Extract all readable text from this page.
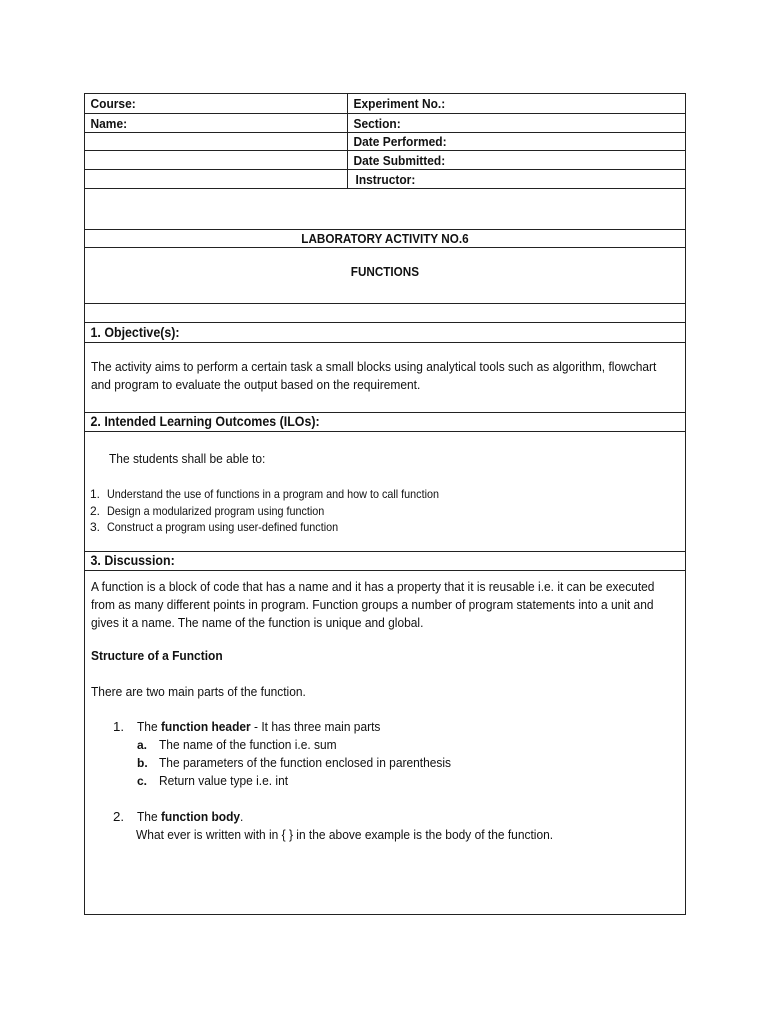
Course:	Experiment No.:
Name:	Section:
Date Performed:
Date Submitted:
Instructor:
LABORATORY ACTIVITY NO.6
FUNCTIONS
1. Objective(s):
The activity aims to perform a certain task a small blocks using analytical tools such as algorithm, flowchart
and program to evaluate the output based on the requirement.
2. Intended Learning Outcomes (ILOs):
The students shall be able to:
1. Understand the use of functions in a program and how to call function
2. Design a modularized program using function
3. Construct a program using user-defined function
3. Discussion:
A function is a block of code that has a name and it has a property that it is reusable i.e. it can be executed
from as many different points in program. Function groups a number of program statements into a unit and
gives it a name. The name of the function is unique and global.
Structure of a Function
There are two main parts of the function.
1. The function header - It has three main parts
a. The name of the function i.e. sum
b. The parameters of the function enclosed in parenthesis
c. Return value type i.e. int
2. The function body.
What ever is written with in { } in the above example is the body of the function.
